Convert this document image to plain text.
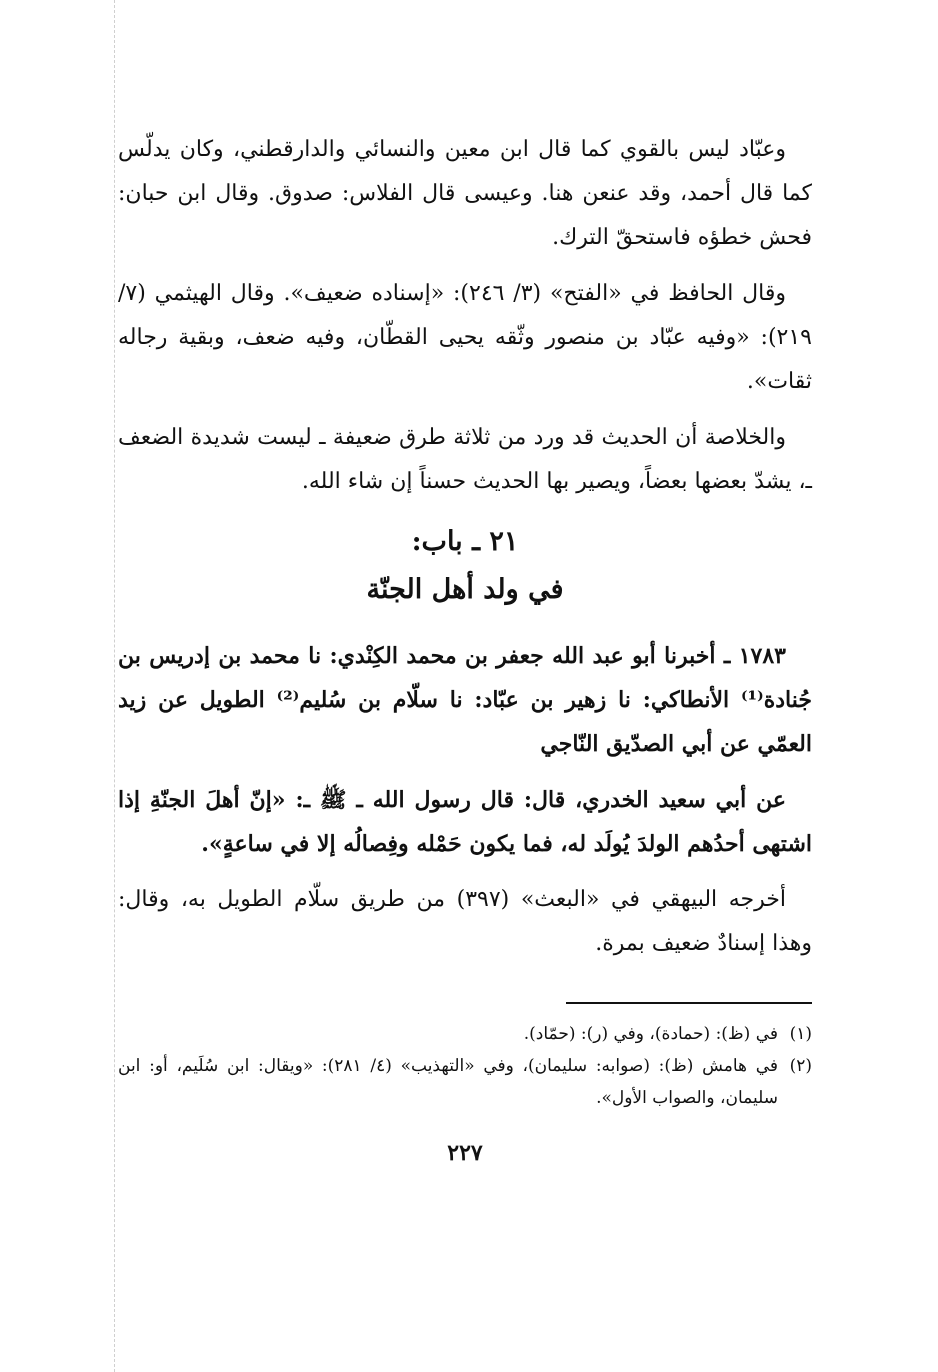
وعبّاد ليس بالقوي كما قال ابن معين والنسائي والدارقطني، وكان يدلّس كما قال أحمد، وقد عنعن هنا. وعيسى قال الفلاس: صدوق. وقال ابن حبان: فحش خطؤه فاستحقّ الترك.

وقال الحافظ في «الفتح» (٣/ ٢٤٦): «إسناده ضعيف». وقال الهيثمي (٧/ ٢١٩): «وفيه عبّاد بن منصور وثّقه يحيى القطّان، وفيه ضعف، وبقية رجاله ثقات».

والخلاصة أن الحديث قد ورد من ثلاثة طرق ضعيفة ـ ليست شديدة الضعف ـ، يشدّ بعضها بعضاً، ويصير بها الحديث حسناً إن شاء الله.

٢١ ـ باب:
في ولد أهل الجنّة

١٧٨٣ ـ أخبرنا أبو عبد الله جعفر بن محمد الكِنْدي: نا محمد بن إدريس بن جُنادة⁽¹⁾ الأنطاكي: نا زهير بن عبّاد: نا سلّام بن سُليم⁽²⁾ الطويل عن زيد العمّي عن أبي الصدّيق النّاجي

عن أبي سعيد الخدري، قال: قال رسول الله ـ ﷺ ـ: «إنّ أهلَ الجنّةِ إذا اشتهى أحدُهم الولدَ يُولَد له، فما يكون حَمْله وفِصالُه إلا في ساعةٍ».

أخرجه البيهقي في «البعث» (٣٩٧) من طريق سلّام الطويل به، وقال: وهذا إسنادٌ ضعيف بمرة.

(١)
في (ظ): (حمادة)، وفي (ر): (حمّاد).
(٢)
في هامش (ظ): (صوابه: سليمان)، وفي «التهذيب» (٤/ ٢٨١): «ويقال: ابن سُلَيم، أو: ابن سليمان، والصواب الأول».
٢٢٧
